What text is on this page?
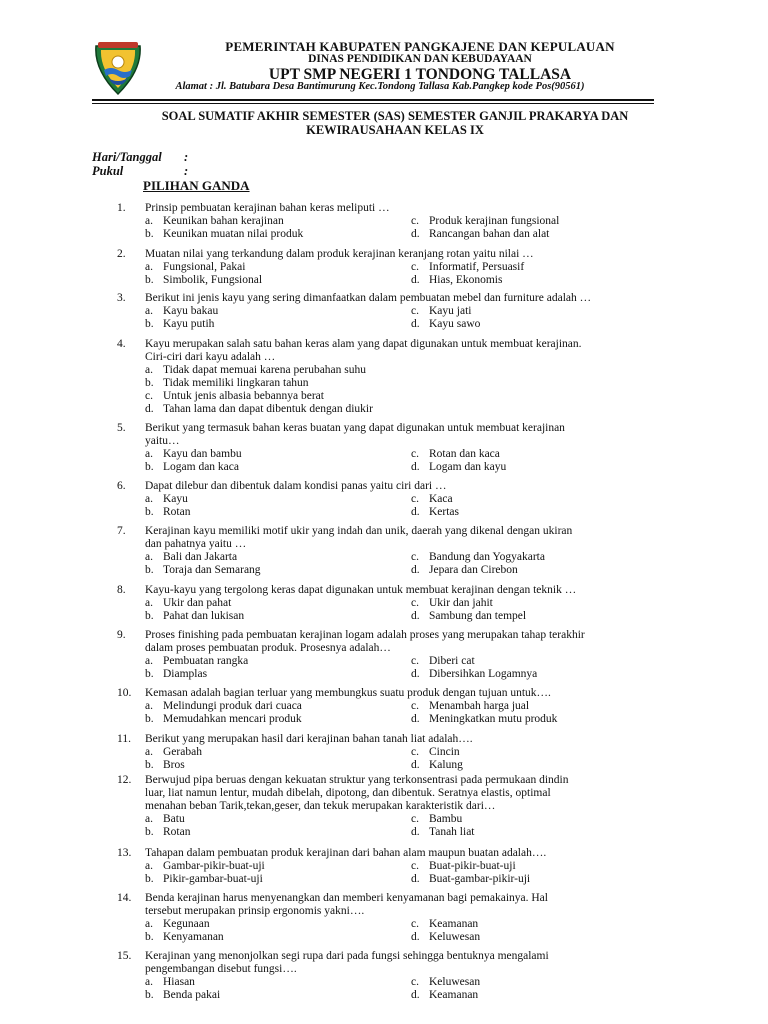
PEMERINTAH KABUPATEN PANGKAJENE DAN KEPULAUAN
DINAS PENDIDIKAN DAN KEBUDAYAAN
UPT SMP NEGERI 1 TONDONG TALLASA
Alamat : Jl. Batubara Desa Bantimurung Kec.Tondong Tallasa Kab.Pangkep kode Pos(90561)
SOAL SUMATIF AKHIR SEMESTER (SAS) SEMESTER GANJIL PRAKARYA DAN
KEWIRAUSAHAAN KELAS IX
Hari/Tanggal :
Pukul	:
PILIHAN GANDA
1. Prinsip pembuatan kerajinan bahan keras meliputi …
a. Keunikan bahan kerajinan	c. Produk kerajinan fungsional
b. Keunikan muatan nilai produk	d. Rancangan bahan dan alat
2. Muatan nilai yang terkandung dalam produk kerajinan keranjang rotan yaitu nilai …
a. Fungsional, Pakai	c. Informatif, Persuasif
b. Simbolik, Fungsional	d. Hias, Ekonomis
3. Berikut ini jenis kayu yang sering dimanfaatkan dalam pembuatan mebel dan furniture adalah …
a. Kayu bakau	c. Kayu jati
b. Kayu putih	d. Kayu sawo
4. Kayu merupakan salah satu bahan keras alam yang dapat digunakan untuk membuat kerajinan.
Ciri-ciri dari kayu adalah …
a. Tidak dapat memuai karena perubahan suhu
b. Tidak memiliki lingkaran tahun
c. Untuk jenis albasia bebannya berat
d. Tahan lama dan dapat dibentuk dengan diukir
5. Berikut yang termasuk bahan keras buatan yang dapat digunakan untuk membuat kerajinan
yaitu…
a. Kayu dan bambu	c. Rotan dan kaca
b. Logam dan kaca	d. Logam dan kayu
6. Dapat dilebur dan dibentuk dalam kondisi panas yaitu ciri dari …
a. Kayu	c. Kaca
b. Rotan	d. Kertas
7. Kerajinan kayu memiliki motif ukir yang indah dan unik, daerah yang dikenal dengan ukiran
dan pahatnya yaitu …
a. Bali dan Jakarta	c. Bandung dan Yogyakarta
b. Toraja dan Semarang	d. Jepara dan Cirebon
8. Kayu-kayu yang tergolong keras dapat digunakan untuk membuat kerajinan dengan teknik …
a. Ukir dan pahat	c. Ukir dan jahit
b. Pahat dan lukisan	d. Sambung dan tempel
9. Proses finishing pada pembuatan kerajinan logam adalah proses yang merupakan tahap terakhir
dalam proses pembuatan produk. Prosesnya adalah…
a. Pembuatan rangka	c. Diberi cat
b. Diamplas	d. Dibersihkan Logamnya
10. Kemasan adalah bagian terluar yang membungkus suatu produk dengan tujuan untuk….
a. Melindungi produk dari cuaca	c. Menambah harga jual
b. Memudahkan mencari produk	d. Meningkatkan mutu produk
11. Berikut yang merupakan hasil dari kerajinan bahan tanah liat adalah….
a. Gerabah	c. Cincin
b. Bros	d. Kalung
12. Berwujud pipa beruas dengan kekuatan struktur yang terkonsentrasi pada permukaan dindin
luar, liat namun lentur, mudah dibelah, dipotong, dan dibentuk. Seratnya elastis, optimal
menahan beban Tarik,tekan,geser, dan tekuk merupakan karakteristik dari…
a. Batu	c. Bambu
b. Rotan	d. Tanah liat
13. Tahapan dalam pembuatan produk kerajinan dari bahan alam maupun buatan adalah….
a. Gambar-pikir-buat-uji	c. Buat-pikir-buat-uji
b. Pikir-gambar-buat-uji	d. Buat-gambar-pikir-uji
14. Benda kerajinan harus menyenangkan dan memberi kenyamanan bagi pemakainya. Hal
tersebut merupakan prinsip ergonomis yakni….
a. Kegunaan	c. Keamanan
b. Kenyamanan	d. Keluwesan
15. Kerajinan yang menonjolkan segi rupa dari pada fungsi sehingga bentuknya mengalami
pengembangan disebut fungsi….
a. Hiasan	c. Keluwesan
b. Benda pakai	d. Keamanan
